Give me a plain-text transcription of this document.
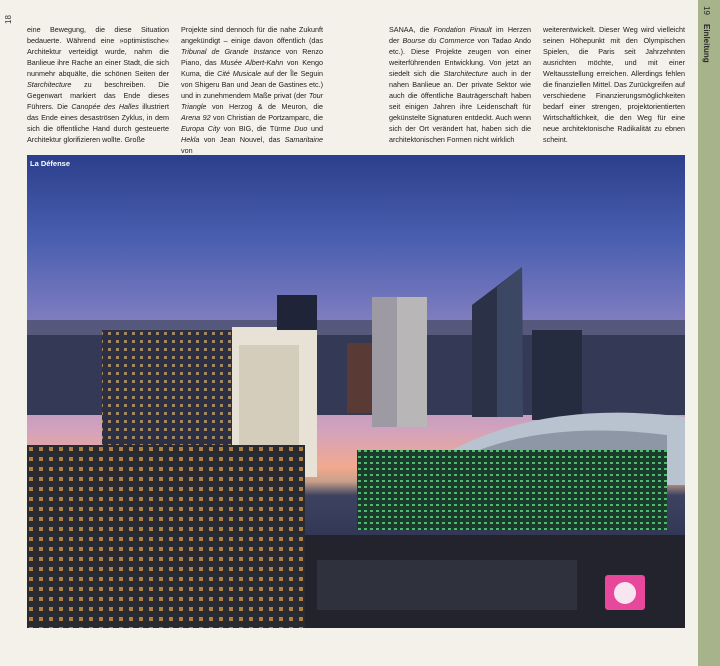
18
19
Einleitung

eine Bewegung, die diese Situation bedauerte. Während eine »optimistische« Architektur verteidigt wurde, nahm die Banlieue ihre Rache an einer Stadt, die sich nunmehr abquälte, die schönen Seiten der Starchitecture zu beschreiben. Die Gegenwart markiert das Ende dieses Führers. Die Canopée des Halles illustriert das Ende eines desaströsen Zyklus, in dem sich die öffentliche Hand durch gesteuerte Architektur glorifizieren wollte. Große

Projekte sind dennoch für die nahe Zukunft angekündigt – einige davon öffentlich (das Tribunal de Grande Instance von Renzo Piano, das Musée Albert-Kahn von Kengo Kuma, die Cité Musicale auf der Île Seguin von Shigeru Ban und Jean de Gastines etc.) und in zunehmendem Maße privat (der Tour Triangle von Herzog & de Meuron, die Arena 92 von Christian de Portzamparc, die Europa City von BIG, die Türme Duo und Hekla von Jean Nouvel, das Samaritaine von

SANAA, die Fondation Pinault im Herzen der Bourse du Commerce von Tadao Ando etc.). Diese Projekte zeugen von einer weiterführenden Entwicklung. Von jetzt an siedelt sich die Starchitecture auch in der nahen Banlieue an. Der private Sektor wie auch die öffentliche Bauträgerschaft haben seit einigen Jahren ihre Leidenschaft für gekünstelte Signaturen entdeckt. Auch wenn sich der Ort verändert hat, haben sich die architektonischen Formen nicht wirklich

weiterentwickelt. Dieser Weg wird vielleicht seinen Höhepunkt mit den Olympischen Spielen, die Paris seit Jahrzehnten ausrichten möchte, und mit einer Weltausstellung erreichen. Allerdings fehlen die finanziellen Mittel. Das Zurückgreifen auf verschiedene Finanzierungsmöglichkeiten bedarf einer strengen, projektorientierten Wirtschaftlichkeit, die den Weg für eine neue architektonische Radikalität zu ebnen scheint.

La Défense
